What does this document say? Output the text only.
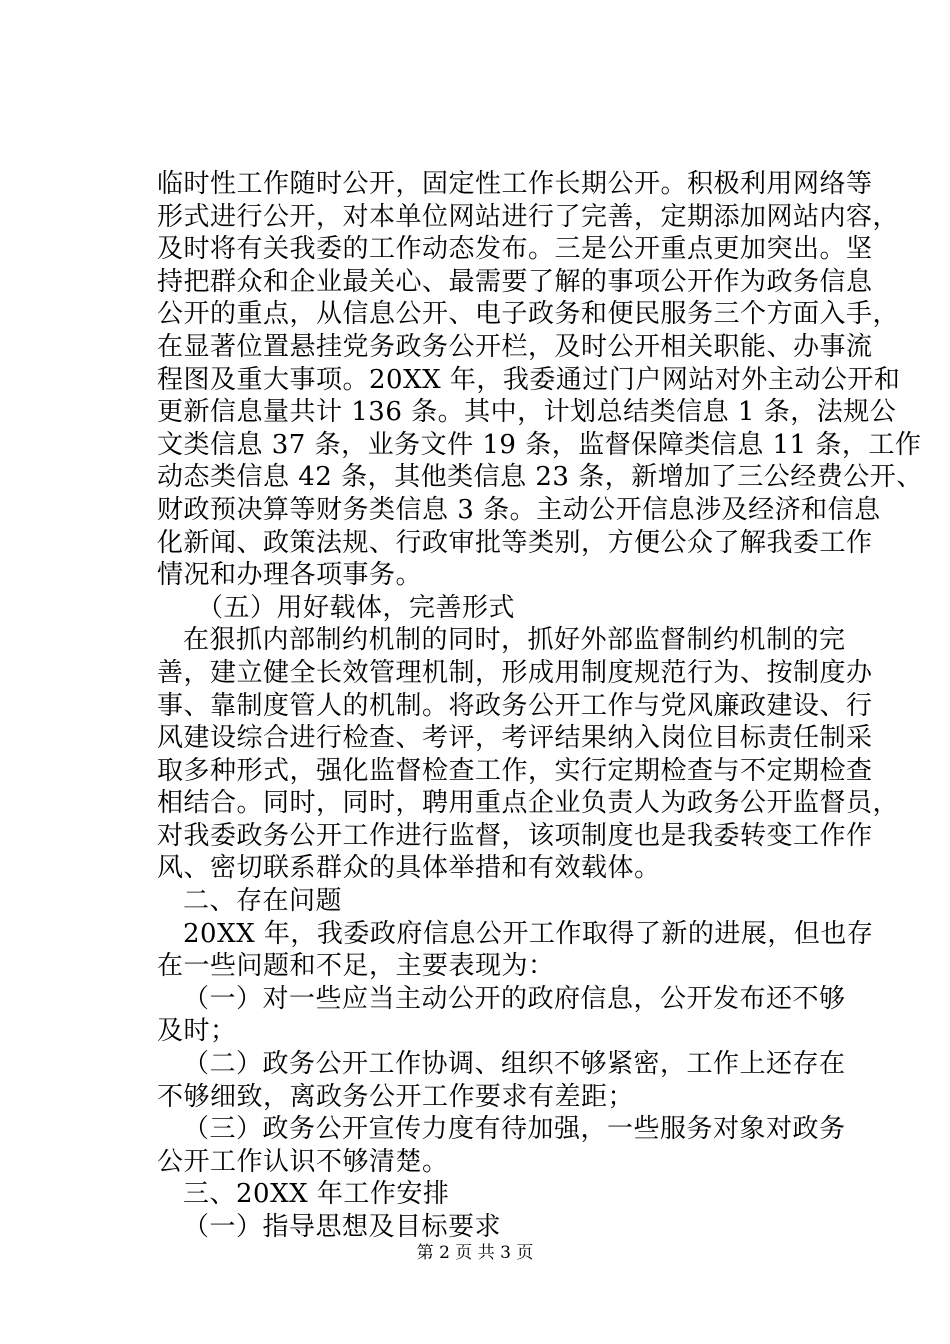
临时性工作随时公开，固定性工作长期公开。积极利用网络等
形式进行公开，对本单位网站进行了完善，定期添加网站内容，
及时将有关我委的工作动态发布。三是公开重点更加突出。坚
持把群众和企业最关心、最需要了解的事项公开作为政务信息
公开的重点，从信息公开、电子政务和便民服务三个方面入手，
在显著位置悬挂党务政务公开栏，及时公开相关职能、办事流
程图及重大事项。20XX 年，我委通过门户网站对外主动公开和
更新信息量共计 136 条。其中，计划总结类信息 1 条，法规公
文类信息 37 条，业务文件 19 条，监督保障类信息 11 条，工作
动态类信息 42 条，其他类信息 23 条，新增加了三公经费公开、
财政预决算等财务类信息 3 条。主动公开信息涉及经济和信息
化新闻、政策法规、行政审批等类别，方便公众了解我委工作
情况和办理各项事务。
（五）用好载体，完善形式
在狠抓内部制约机制的同时，抓好外部监督制约机制的完
善，建立健全长效管理机制，形成用制度规范行为、按制度办
事、靠制度管人的机制。将政务公开工作与党风廉政建设、行
风建设综合进行检查、考评，考评结果纳入岗位目标责任制采
取多种形式，强化监督检查工作，实行定期检查与不定期检查
相结合。同时，同时，聘用重点企业负责人为政务公开监督员，
对我委政务公开工作进行监督，该项制度也是我委转变工作作
风、密切联系群众的具体举措和有效载体。
二、存在问题
20XX 年，我委政府信息公开工作取得了新的进展，但也存
在一些问题和不足，主要表现为：
（一）对一些应当主动公开的政府信息，公开发布还不够
及时；
（二）政务公开工作协调、组织不够紧密，工作上还存在
不够细致，离政务公开工作要求有差距；
（三）政务公开宣传力度有待加强，一些服务对象对政务
公开工作认识不够清楚。
三、20XX 年工作安排
（一）指导思想及目标要求
第 2 页 共 3 页
